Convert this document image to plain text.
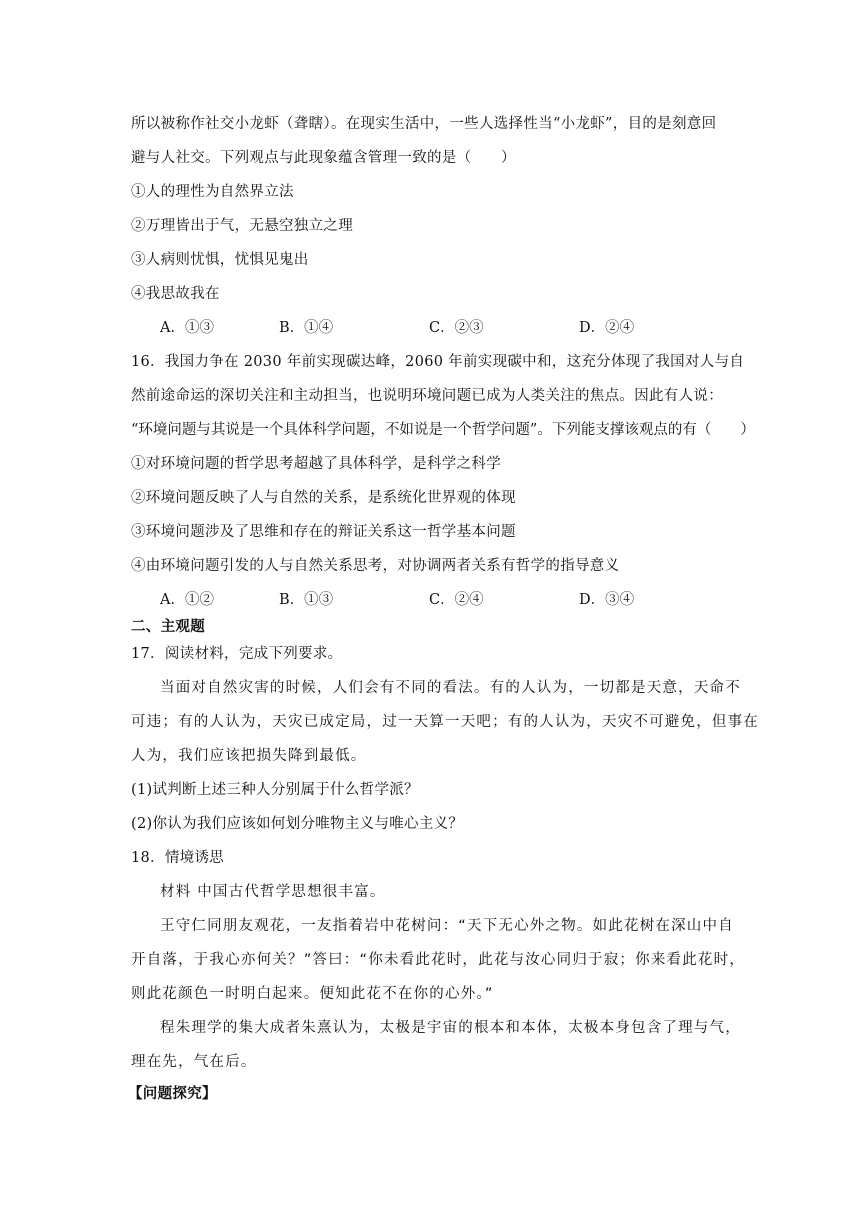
所以被称作社交小龙虾（聋瞎）。在现实生活中，一些人选择性当“小龙虾”，目的是刻意回
避与人社交。下列观点与此现象蕴含管理一致的是（　　）
①人的理性为自然界立法
②万理皆出于气，无悬空独立之理
③人病则忧惧，忧惧见鬼出
④我思故我在
A．①③	B．①④	C．②③	D．②④
16．我国力争在 2030 年前实现碳达峰，2060 年前实现碳中和，这充分体现了我国对人与自
然前途命运的深切关注和主动担当，也说明环境问题已成为人类关注的焦点。因此有人说：
“环境问题与其说是一个具体科学问题，不如说是一个哲学问题”。下列能支撑该观点的有（　　）
①对环境问题的哲学思考超越了具体科学，是科学之科学
②环境问题反映了人与自然的关系，是系统化世界观的体现
③环境问题涉及了思维和存在的辩证关系这一哲学基本问题
④由环境问题引发的人与自然关系思考，对协调两者关系有哲学的指导意义
A．①②	B．①③	C．②④	D．③④
二、主观题
17．阅读材料，完成下列要求。
当面对自然灾害的时候，人们会有不同的看法。有的人认为，一切都是天意，天命不
可违；有的人认为，天灾已成定局，过一天算一天吧；有的人认为，天灾不可避免，但事在
人为，我们应该把损失降到最低。
(1)试判断上述三种人分别属于什么哲学派？
(2)你认为我们应该如何划分唯物主义与唯心主义？
18．情境诱思
材料 中国古代哲学思想很丰富。
王守仁同朋友观花，一友指着岩中花树问：“天下无心外之物。如此花树在深山中自
开自落，于我心亦何关？”答曰：“你未看此花时，此花与汝心同归于寂；你来看此花时，
则此花颜色一时明白起来。便知此花不在你的心外。”
程朱理学的集大成者朱熹认为，太极是宇宙的根本和本体，太极本身包含了理与气，
理在先，气在后。
【问题探究】
